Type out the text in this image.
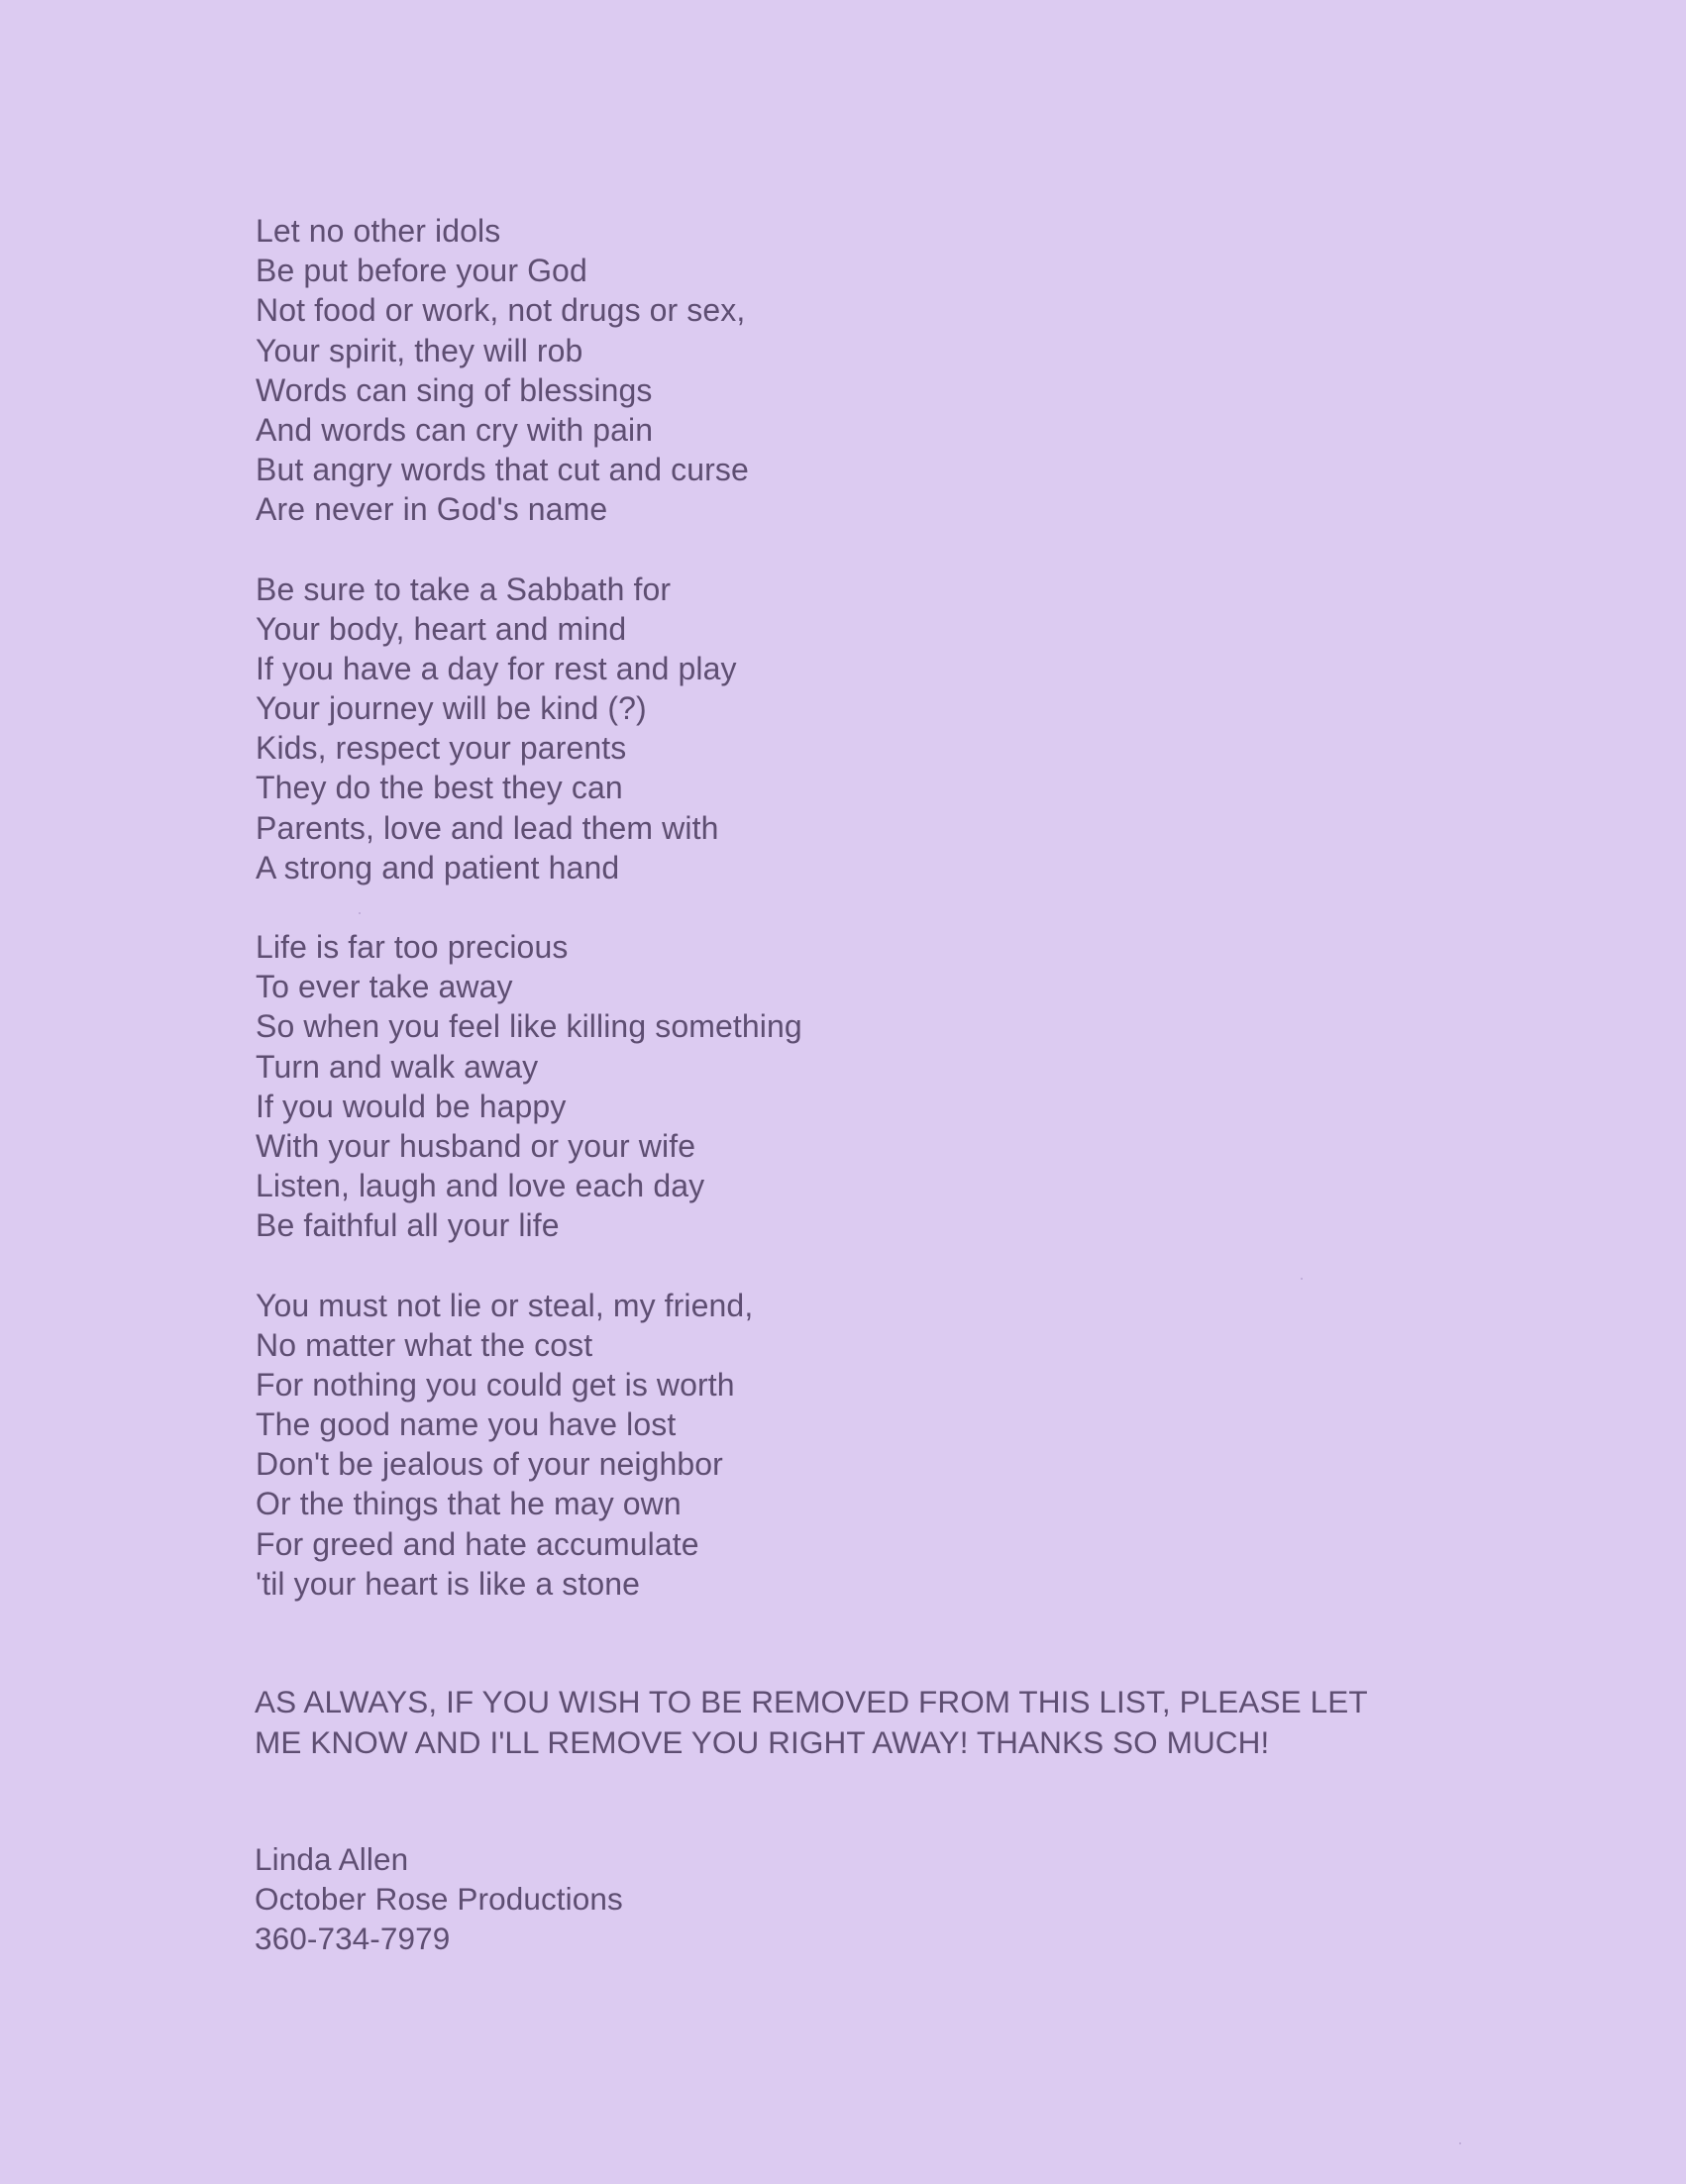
Let no other idols
Be put before your God
Not food or work, not drugs or sex,
Your spirit, they will rob
Words can sing of blessings
And words can cry with pain
But angry words that cut and curse
Are never in God's name
Be sure to take a Sabbath for
Your body, heart and mind
If you have a day for rest and play
Your journey will be kind (?)
Kids, respect your parents
They do the best they can
Parents, love and lead them with
A strong and patient hand
Life is far too precious
To ever take away
So when you feel like killing something
Turn and walk away
If you would be happy
With your husband or your wife
Listen, laugh and love each day
Be faithful all your life
You must not lie or steal, my friend,
No matter what the cost
For nothing you could get is worth
The good name you have lost
Don't be jealous of your neighbor
Or the things that he may own
For greed and hate accumulate
'til your heart is like a stone
AS ALWAYS, IF YOU WISH TO BE REMOVED FROM THIS LIST, PLEASE LET
ME KNOW AND I'LL REMOVE YOU RIGHT AWAY! THANKS SO MUCH!
Linda Allen
October Rose Productions
360-734-7979
